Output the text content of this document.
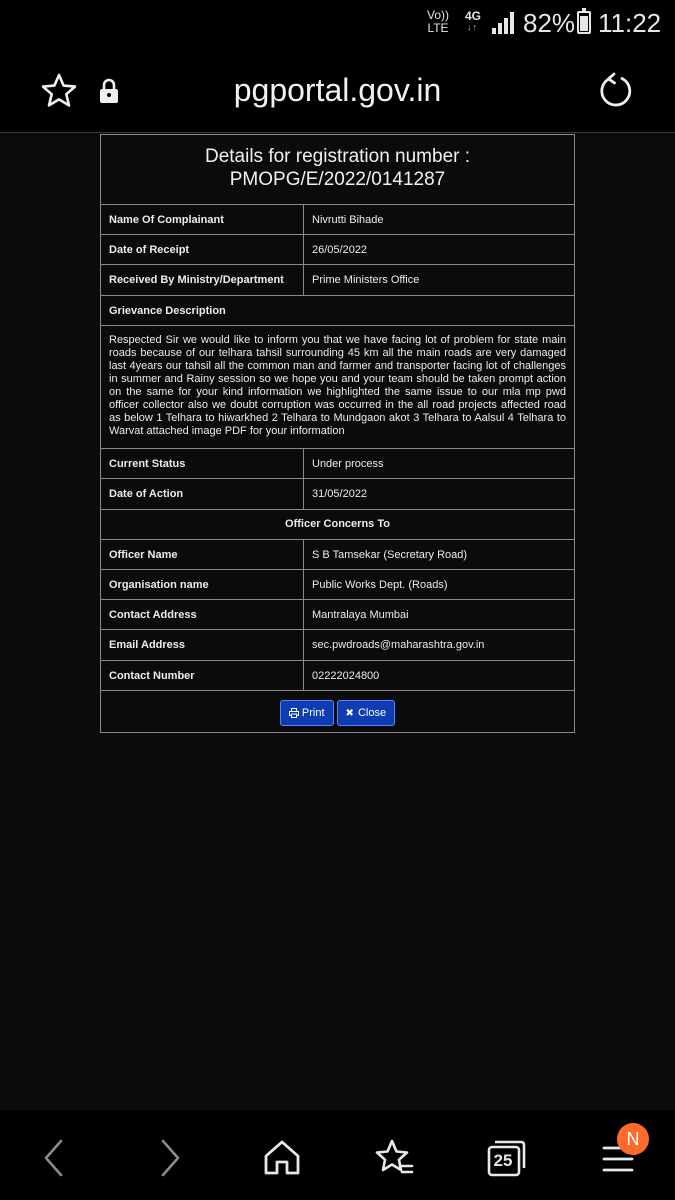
Vo))
LTE
4G
↓↑ 82% 11:22
pgportal.gov.in
Details for registration number :
PMOPG/E/2022/0141287
Name Of Complainant	Nivrutti Bihade
Date of Receipt	26/05/2022
Received By Ministry/Department	Prime Ministers Office
Grievance Description
Respected Sir we would like to inform you that we have facing lot of problem for state main roads because of our telhara tahsil surrounding 45 km all the main roads are very damaged last 4years our tahsil all the common man and farmer and transporter facing lot of challenges in summer and Rainy session so we hope you and your team should be taken prompt action on the same for your kind information we highlighted the same issue to our mla mp pwd officer collector also we doubt corruption was occurred in the all road projects affected road as below 1 Telhara to hiwarkhed 2 Telhara to Mundgaon akot 3 Telhara to Aalsul 4 Telhara to Warvat attached image PDF for your information
Current Status	Under process
Date of Action	31/05/2022
Officer Concerns To
Officer Name	S B Tamsekar (Secretary Road)
Organisation name	Public Works Dept. (Roads)
Contact Address	Mantralaya Mumbai
Email Address	sec.pwdroads@maharashtra.gov.in
Contact Number	02222024800
Print ✖ Close
25
N
